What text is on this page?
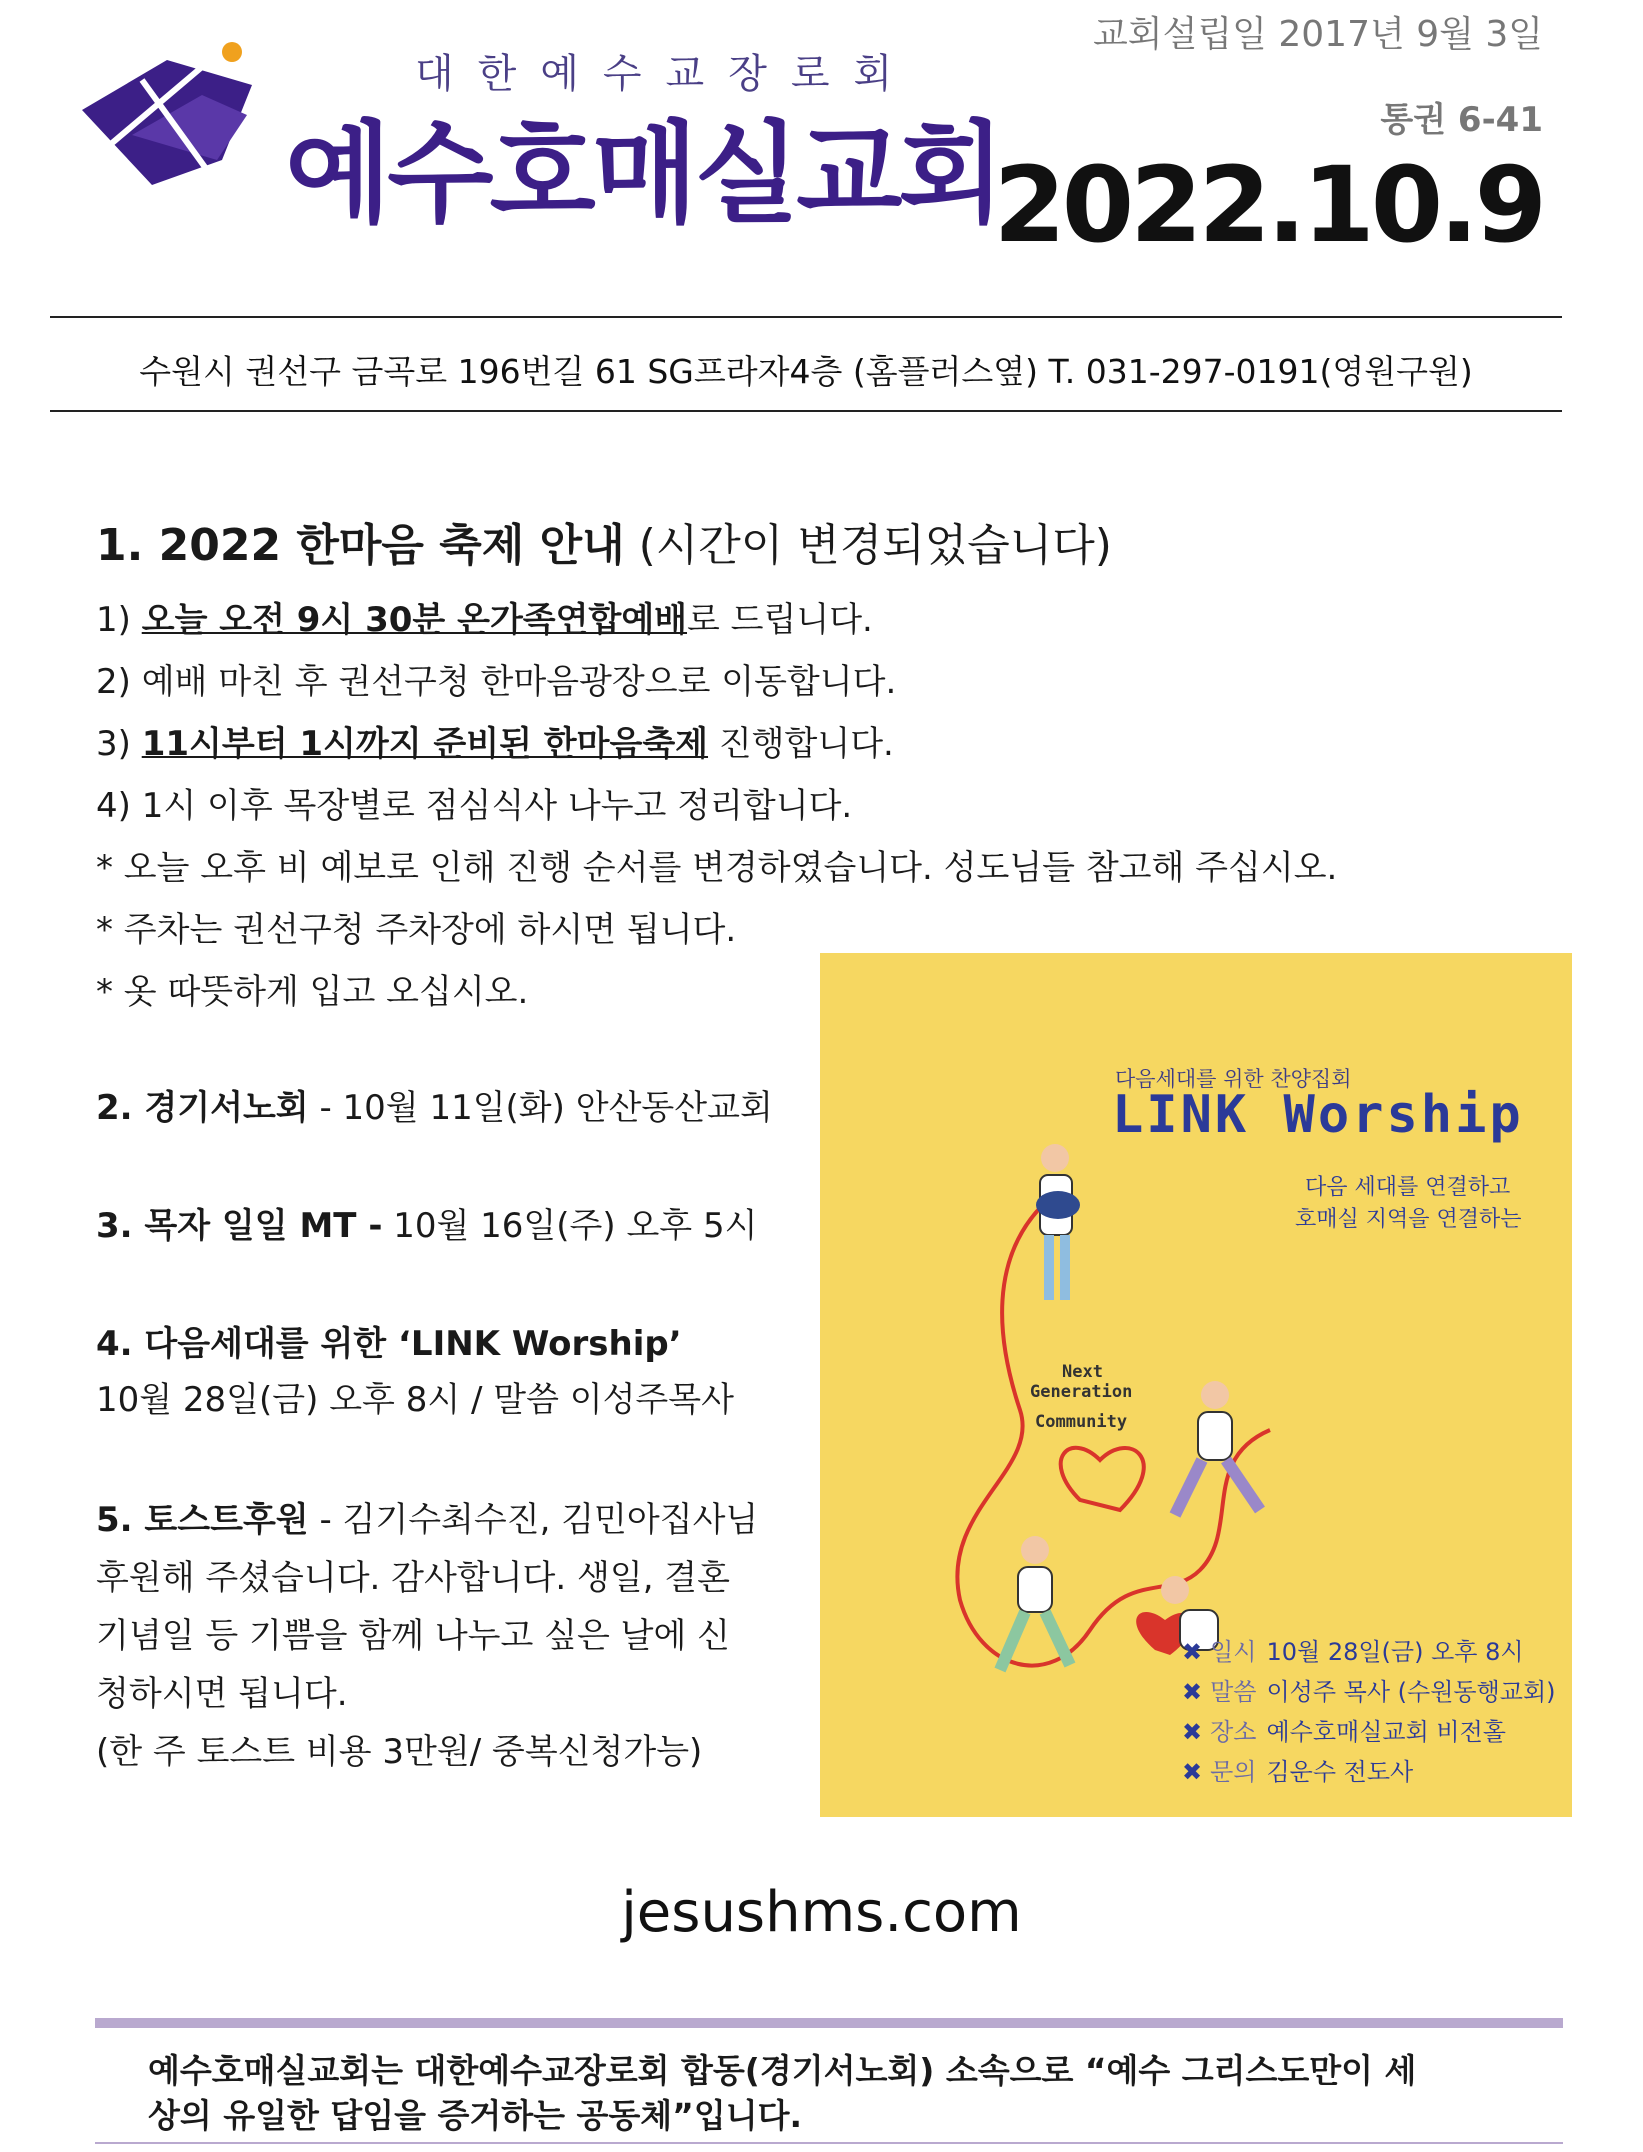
대한예수교장로회
예수호매실교회
교회설립일 2017년 9월 3일
통권 6-41
2022.10.9
수원시 권선구 금곡로 196번길 61 SG프라자4층 (홈플러스옆) T. 031-297-0191(영원구원)
1. 2022 한마음 축제 안내 (시간이 변경되었습니다)
1) 오늘 오전 9시 30분 온가족연합예배로 드립니다.
2) 예배 마친 후 권선구청 한마음광장으로 이동합니다.
3) 11시부터 1시까지 준비된 한마음축제 진행합니다.
4) 1시 이후 목장별로 점심식사 나누고 정리합니다.
* 오늘 오후 비 예보로 인해 진행 순서를 변경하였습니다. 성도님들 참고해 주십시오.
* 주차는 권선구청 주차장에 하시면 됩니다.
* 옷 따뜻하게 입고 오십시오.
2. 경기서노회 - 10월 11일(화) 안산동산교회
3. 목자 일일 MT - 10월 16일(주) 오후 5시
4. 다음세대를 위한 ‘LINK Worship’
10월 28일(금) 오후 8시 / 말씀 이성주목사
5. 토스트후원 - 김기수최수진, 김민아집사님
후원해 주셨습니다. 감사합니다. 생일, 결혼
기념일 등 기쁨을 함께 나누고 싶은 날에 신
청하시면 됩니다.
(한 주 토스트 비용 3만원/ 중복신청가능)
다음세대를 위한 찬양집회
LINK Worship
다음 세대를 연결하고
호매실 지역을 연결하는
Next
Generation
Community
✖ 일시 10월 28일(금) 오후 8시
✖ 말씀 이성주 목사 (수원동행교회)
✖ 장소 예수호매실교회 비전홀
✖ 문의 김운수 전도사
jesushms.com
예수호매실교회는 대한예수교장로회 합동(경기서노회) 소속으로 “예수 그리스도만이 세
상의 유일한 답임을 증거하는 공동체”입니다.
